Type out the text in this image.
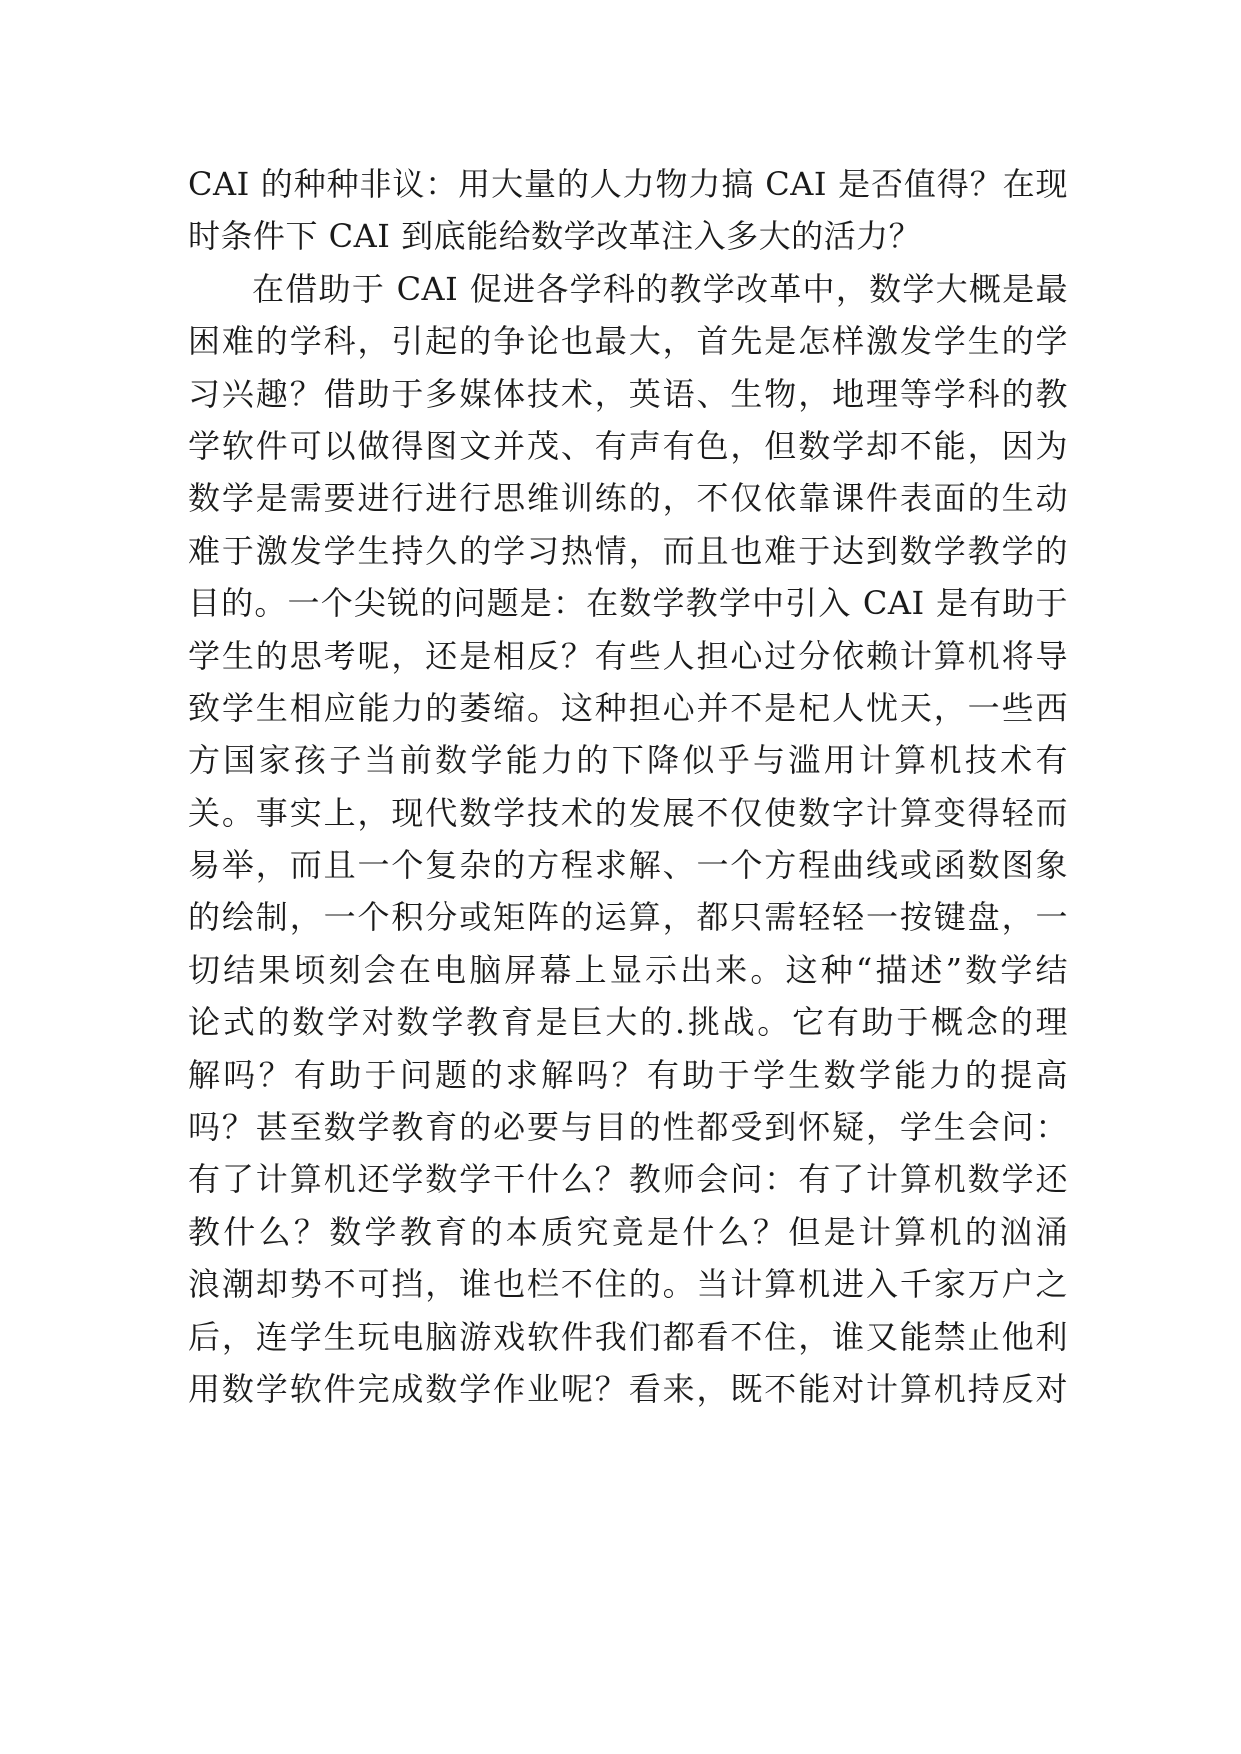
CAI 的种种非议：用大量的人力物力搞 CAI 是否值得？在现
时条件下 CAI 到底能给数学改革注入多大的活力？
在借助于 CAI 促进各学科的教学改革中，数学大概是最
困难的学科，引起的争论也最大，首先是怎样激发学生的学
习兴趣？借助于多媒体技术，英语、生物，地理等学科的教
学软件可以做得图文并茂、有声有色，但数学却不能，因为
数学是需要进行进行思维训练的，不仅依靠课件表面的生动
难于激发学生持久的学习热情，而且也难于达到数学教学的
目的。一个尖锐的问题是：在数学教学中引入 CAI 是有助于
学生的思考呢，还是相反？有些人担心过分依赖计算机将导
致学生相应能力的萎缩。这种担心并不是杞人忧天，一些西
方国家孩子当前数学能力的下降似乎与滥用计算机技术有
关。事实上，现代数学技术的发展不仅使数字计算变得轻而
易举，而且一个复杂的方程求解、一个方程曲线或函数图象
的绘制，一个积分或矩阵的运算，都只需轻轻一按键盘，一
切结果顷刻会在电脑屏幕上显示出来。这种“描述”数学结
论式的数学对数学教育是巨大的.挑战。它有助于概念的理
解吗？有助于问题的求解吗？有助于学生数学能力的提高
吗？甚至数学教育的必要与目的性都受到怀疑，学生会问：
有了计算机还学数学干什么？教师会问：有了计算机数学还
教什么？数学教育的本质究竟是什么？但是计算机的汹涌
浪潮却势不可挡，谁也栏不住的。当计算机进入千家万户之
后，连学生玩电脑游戏软件我们都看不住，谁又能禁止他利
用数学软件完成数学作业呢？看来，既不能对计算机持反对
